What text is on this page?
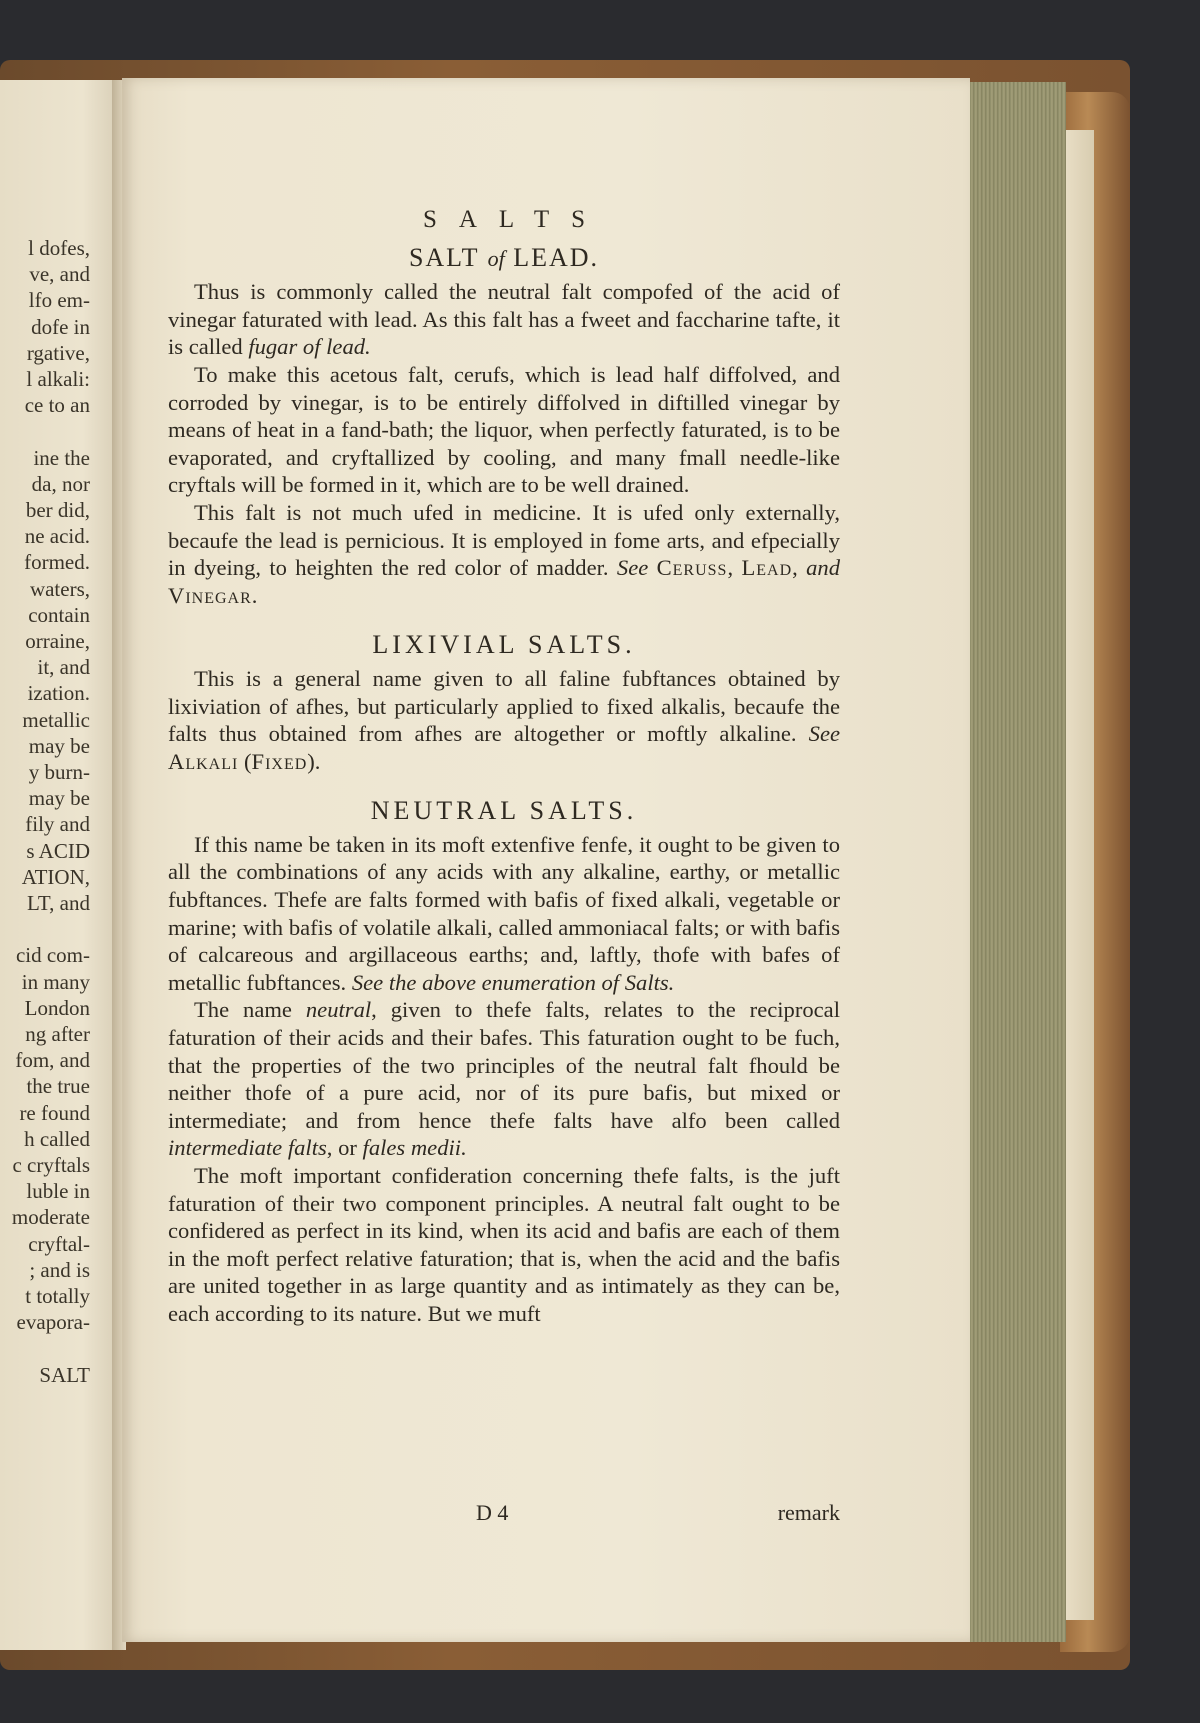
l dofes,
ve, and
lfo em-
dofe in
rgative,
l alkali:
ce to an
ine the
da, nor
ber did,
ne acid.
formed.
waters,
contain
orraine,
it, and
ization.
metallic
may be
y burn-
may be
fily and
s ACID
ATION,
LT, and
cid com-
in many
London
ng after
fom, and
the true
re found
h called
c cryftals
luble in
moderate
cryftal-
; and is
t totally
evapora-
SALT
SALTS
SALT of LEAD.

Thus is commonly called the neutral falt compofed of the acid of vinegar faturated with lead. As this falt has a fweet and faccharine tafte, it is called fugar of lead.

To make this acetous falt, cerufs, which is lead half diffolved, and corroded by vinegar, is to be entirely diffolved in diftilled vinegar by means of heat in a fand-bath; the liquor, when perfectly faturated, is to be evaporated, and cryftallized by cooling, and many fmall needle-like cryftals will be formed in it, which are to be well drained.

This falt is not much ufed in medicine. It is ufed only externally, becaufe the lead is pernicious. It is employed in fome arts, and efpecially in dyeing, to heighten the red color of madder. See Ceruss, Lead, and Vinegar.

LIXIVIAL SALTS.

This is a general name given to all faline fubftances obtained by lixiviation of afhes, but particularly applied to fixed alkalis, becaufe the falts thus obtained from afhes are altogether or moftly alkaline. See Alkali (Fixed).

NEUTRAL SALTS.

If this name be taken in its moft extenfive fenfe, it ought to be given to all the combinations of any acids with any alkaline, earthy, or metallic fubftances. Thefe are falts formed with bafis of fixed alkali, vegetable or marine; with bafis of volatile alkali, called ammoniacal falts; or with bafis of calcareous and argillaceous earths; and, laftly, thofe with bafes of metallic fubftances. See the above enumeration of Salts.

The name neutral, given to thefe falts, relates to the reciprocal faturation of their acids and their bafes. This faturation ought to be fuch, that the properties of the two principles of the neutral falt fhould be neither thofe of a pure acid, nor of its pure bafis, but mixed or intermediate; and from hence thefe falts have alfo been called intermediate falts, or fales medii.

The moft important confideration concerning thefe falts, is the juft faturation of their two component principles. A neutral falt ought to be confidered as perfect in its kind, when its acid and bafis are each of them in the moft perfect relative faturation; that is, when the acid and the bafis are united together in as large quantity and as intimately as they can be, each according to its nature. But we muft

D 4	remark
